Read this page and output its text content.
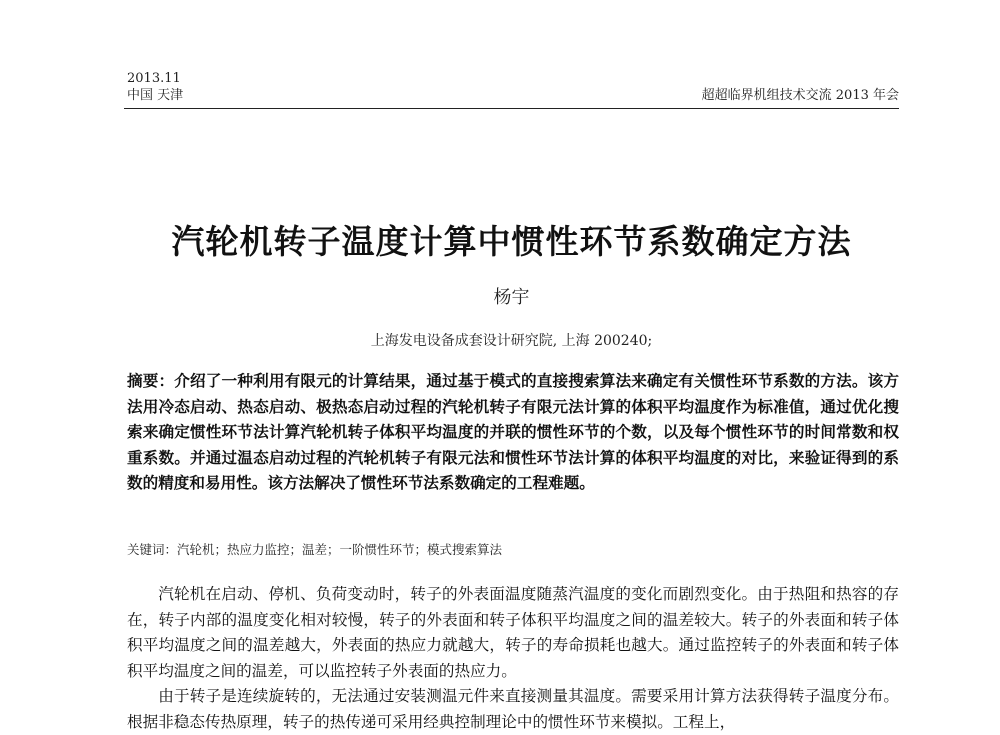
2013.11
中国 天津	超超临界机组技术交流 2013 年会
汽轮机转子温度计算中惯性环节系数确定方法
杨宇
上海发电设备成套设计研究院, 上海 200240;

摘要：介绍了一种利用有限元的计算结果，通过基于模式的直接搜索算法来确定有关惯性环节系数的方法。该方法用冷态启动、热态启动、极热态启动过程的汽轮机转子有限元法计算的体积平均温度作为标准值，通过优化搜索来确定惯性环节法计算汽轮机转子体积平均温度的并联的惯性环节的个数，以及每个惯性环节的时间常数和权重系数。并通过温态启动过程的汽轮机转子有限元法和惯性环节法计算的体积平均温度的对比，来验证得到的系数的精度和易用性。该方法解决了惯性环节法系数确定的工程难题。

关键词：汽轮机；热应力监控；温差；一阶惯性环节；模式搜索算法

汽轮机在启动、停机、负荷变动时，转子的外表面温度随蒸汽温度的变化而剧烈变化。由于热阻和热容的存在，转子内部的温度变化相对较慢，转子的外表面和转子体积平均温度之间的温差较大。转子的外表面和转子体积平均温度之间的温差越大，外表面的热应力就越大，转子的寿命损耗也越大。通过监控转子的外表面和转子体积平均温度之间的温差，可以监控转子外表面的热应力。

由于转子是连续旋转的，无法通过安装测温元件来直接测量其温度。需要采用计算方法获得转子温度分布。根据非稳态传热原理，转子的热传递可采用经典控制理论中的惯性环节来模拟。工程上，
